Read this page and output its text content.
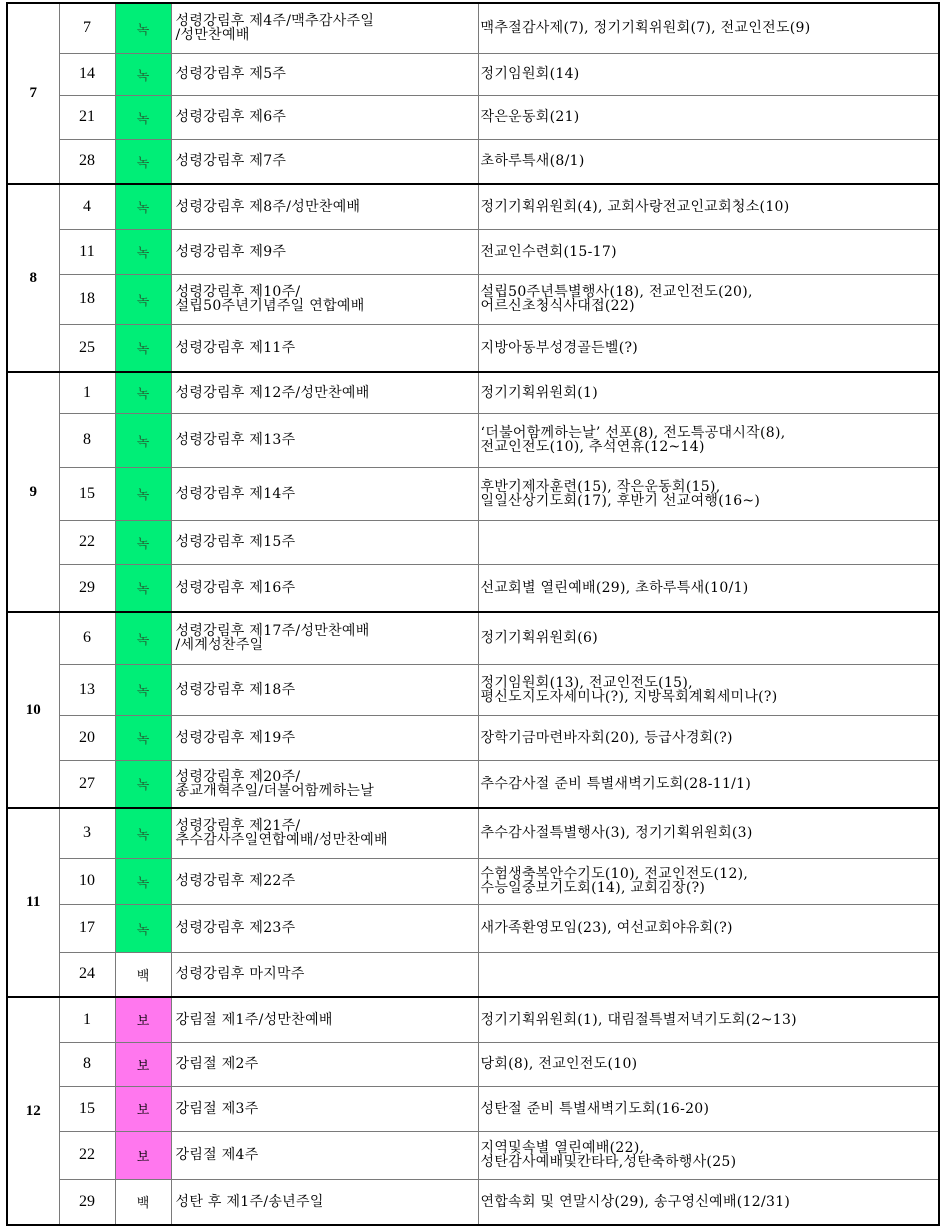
7	7	녹	성령강림후 제4주/맥추감사주일
/성만찬예배	맥추절감사제(7), 정기기획위원회(7), 전교인전도(9)
	14	녹	성령강림후 제5주	정기임원회(14)
	21	녹	성령강림후 제6주	작은운동회(21)
	28	녹	성령강림후 제7주	초하루특새(8/1)
8	4	녹	성령강림후 제8주/성만찬예배	정기기획위원회(4), 교회사랑전교인교회청소(10)
	11	녹	성령강림후 제9주	전교인수련회(15-17)
	18	녹	성령강림후 제10주/
설립50주년기념주일 연합예배	설립50주년특별행사(18), 전교인전도(20),
어르신초청식사대접(22)
	25	녹	성령강림후 제11주	지방아동부성경골든벨(?)
9	1	녹	성령강림후 제12주/성만찬예배	정기기획위원회(1)
	8	녹	성령강림후 제13주	‘더불어함께하는날’ 선포(8), 전도특공대시작(8),
전교인전도(10), 추석연휴(12~14)
	15	녹	성령강림후 제14주	후반기제자훈련(15), 작은운동회(15),
일일산상기도회(17), 후반기 선교여행(16~)
	22	녹	성령강림후 제15주	
	29	녹	성령강림후 제16주	선교회별 열린예배(29), 초하루특새(10/1)
10	6	녹	성령강림후 제17주/성만찬예배
/세계성찬주일	정기기획위원회(6)
	13	녹	성령강림후 제18주	정기임원회(13), 전교인전도(15),
평신도지도자세미나(?), 지방목회계획세미나(?)
	20	녹	성령강림후 제19주	장학기금마련바자회(20), 등급사경회(?)
	27	녹	성령강림후 제20주/
종교개혁주일/더불어함께하는날	추수감사절 준비 특별새벽기도회(28-11/1)
11	3	녹	성령강림후 제21주/
추수감사주일연합예배/성만찬예배	추수감사절특별행사(3), 정기기획위원회(3)
	10	녹	성령강림후 제22주	수험생축복안수기도(10), 전교인전도(12),
수능일중보기도회(14), 교회김장(?)
	17	녹	성령강림후 제23주	새가족환영모임(23), 여선교회야유회(?)
	24	백	성령강림후 마지막주	
12	1	보	강림절 제1주/성만찬예배	정기기획위원회(1), 대림절특별저녁기도회(2~13)
	8	보	강림절 제2주	당회(8), 전교인전도(10)
	15	보	강림절 제3주	성탄절 준비 특별새벽기도회(16-20)
	22	보	강림절 제4주	지역및속별 열린예배(22),
성탄감사예배및칸타타,성탄축하행사(25)
	29	백	성탄 후 제1주/송년주일	연합속회 및 연말시상(29), 송구영신예배(12/31)
